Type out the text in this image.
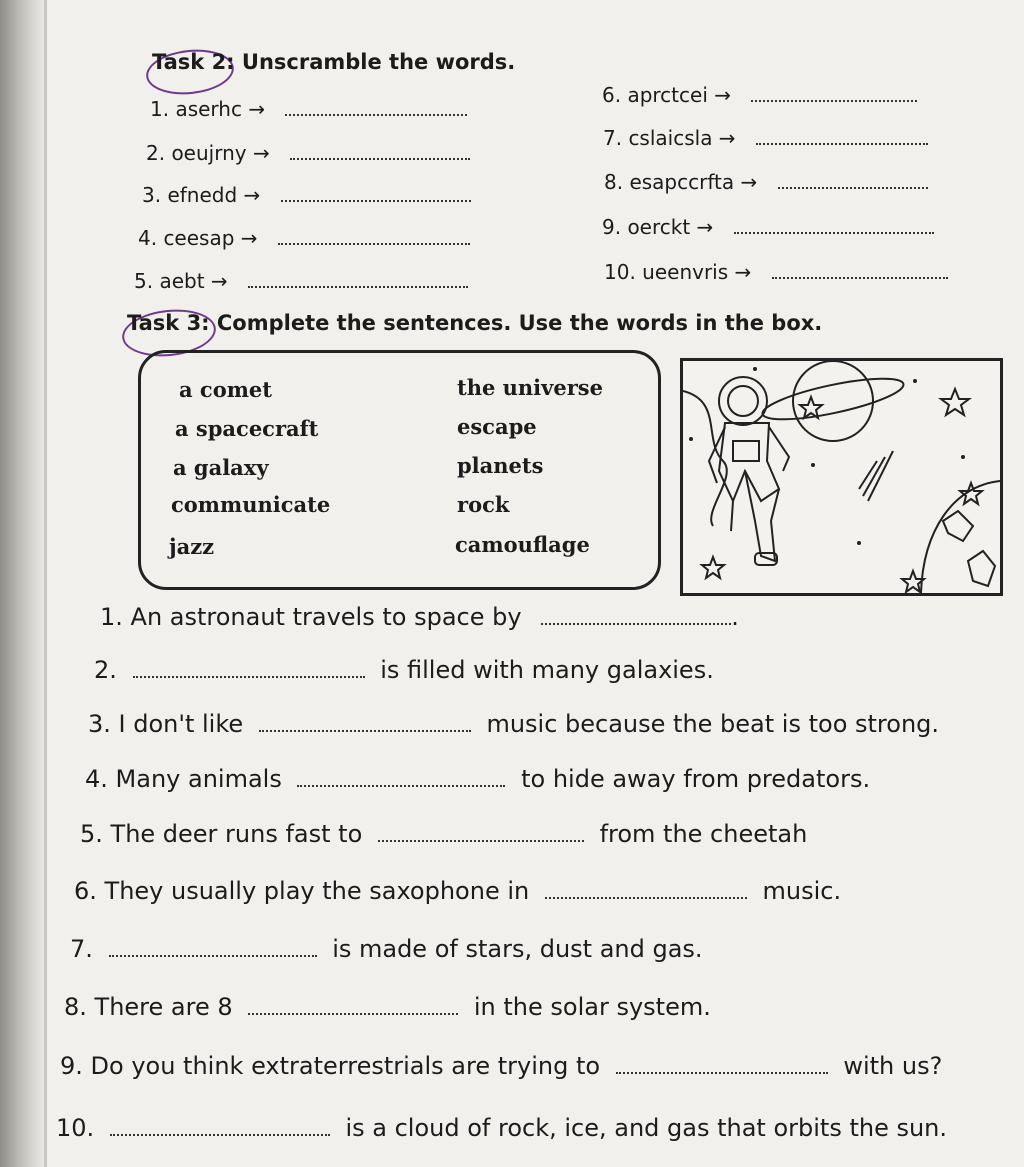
Task 2: Unscramble the words.
1. aserhc →
2. oeujrny →
3. efnedd →
4. ceesap →
5. aebt →
6. aprctcei →
7. cslaicsla →
8. esapccrfta →
9. oerckt →
10. ueenvris →
Task 3: Complete the sentences. Use the words in the box.
a comet
a spacecraft
a galaxy
communicate
jazz
the universe
escape
planets
rock
camouflage
1. An astronaut travels to space by	.
2.	is filled with many galaxies.
3. I don't like	music because the beat is too strong.
4. Many animals	to hide away from predators.
5. The deer runs fast to	from the cheetah
6. They usually play the saxophone in	music.
7.	is made of stars, dust and gas.
8. There are 8	in the solar system.
9. Do you think extraterrestrials are trying to	with us?
10.	is a cloud of rock, ice, and gas that orbits the sun.
